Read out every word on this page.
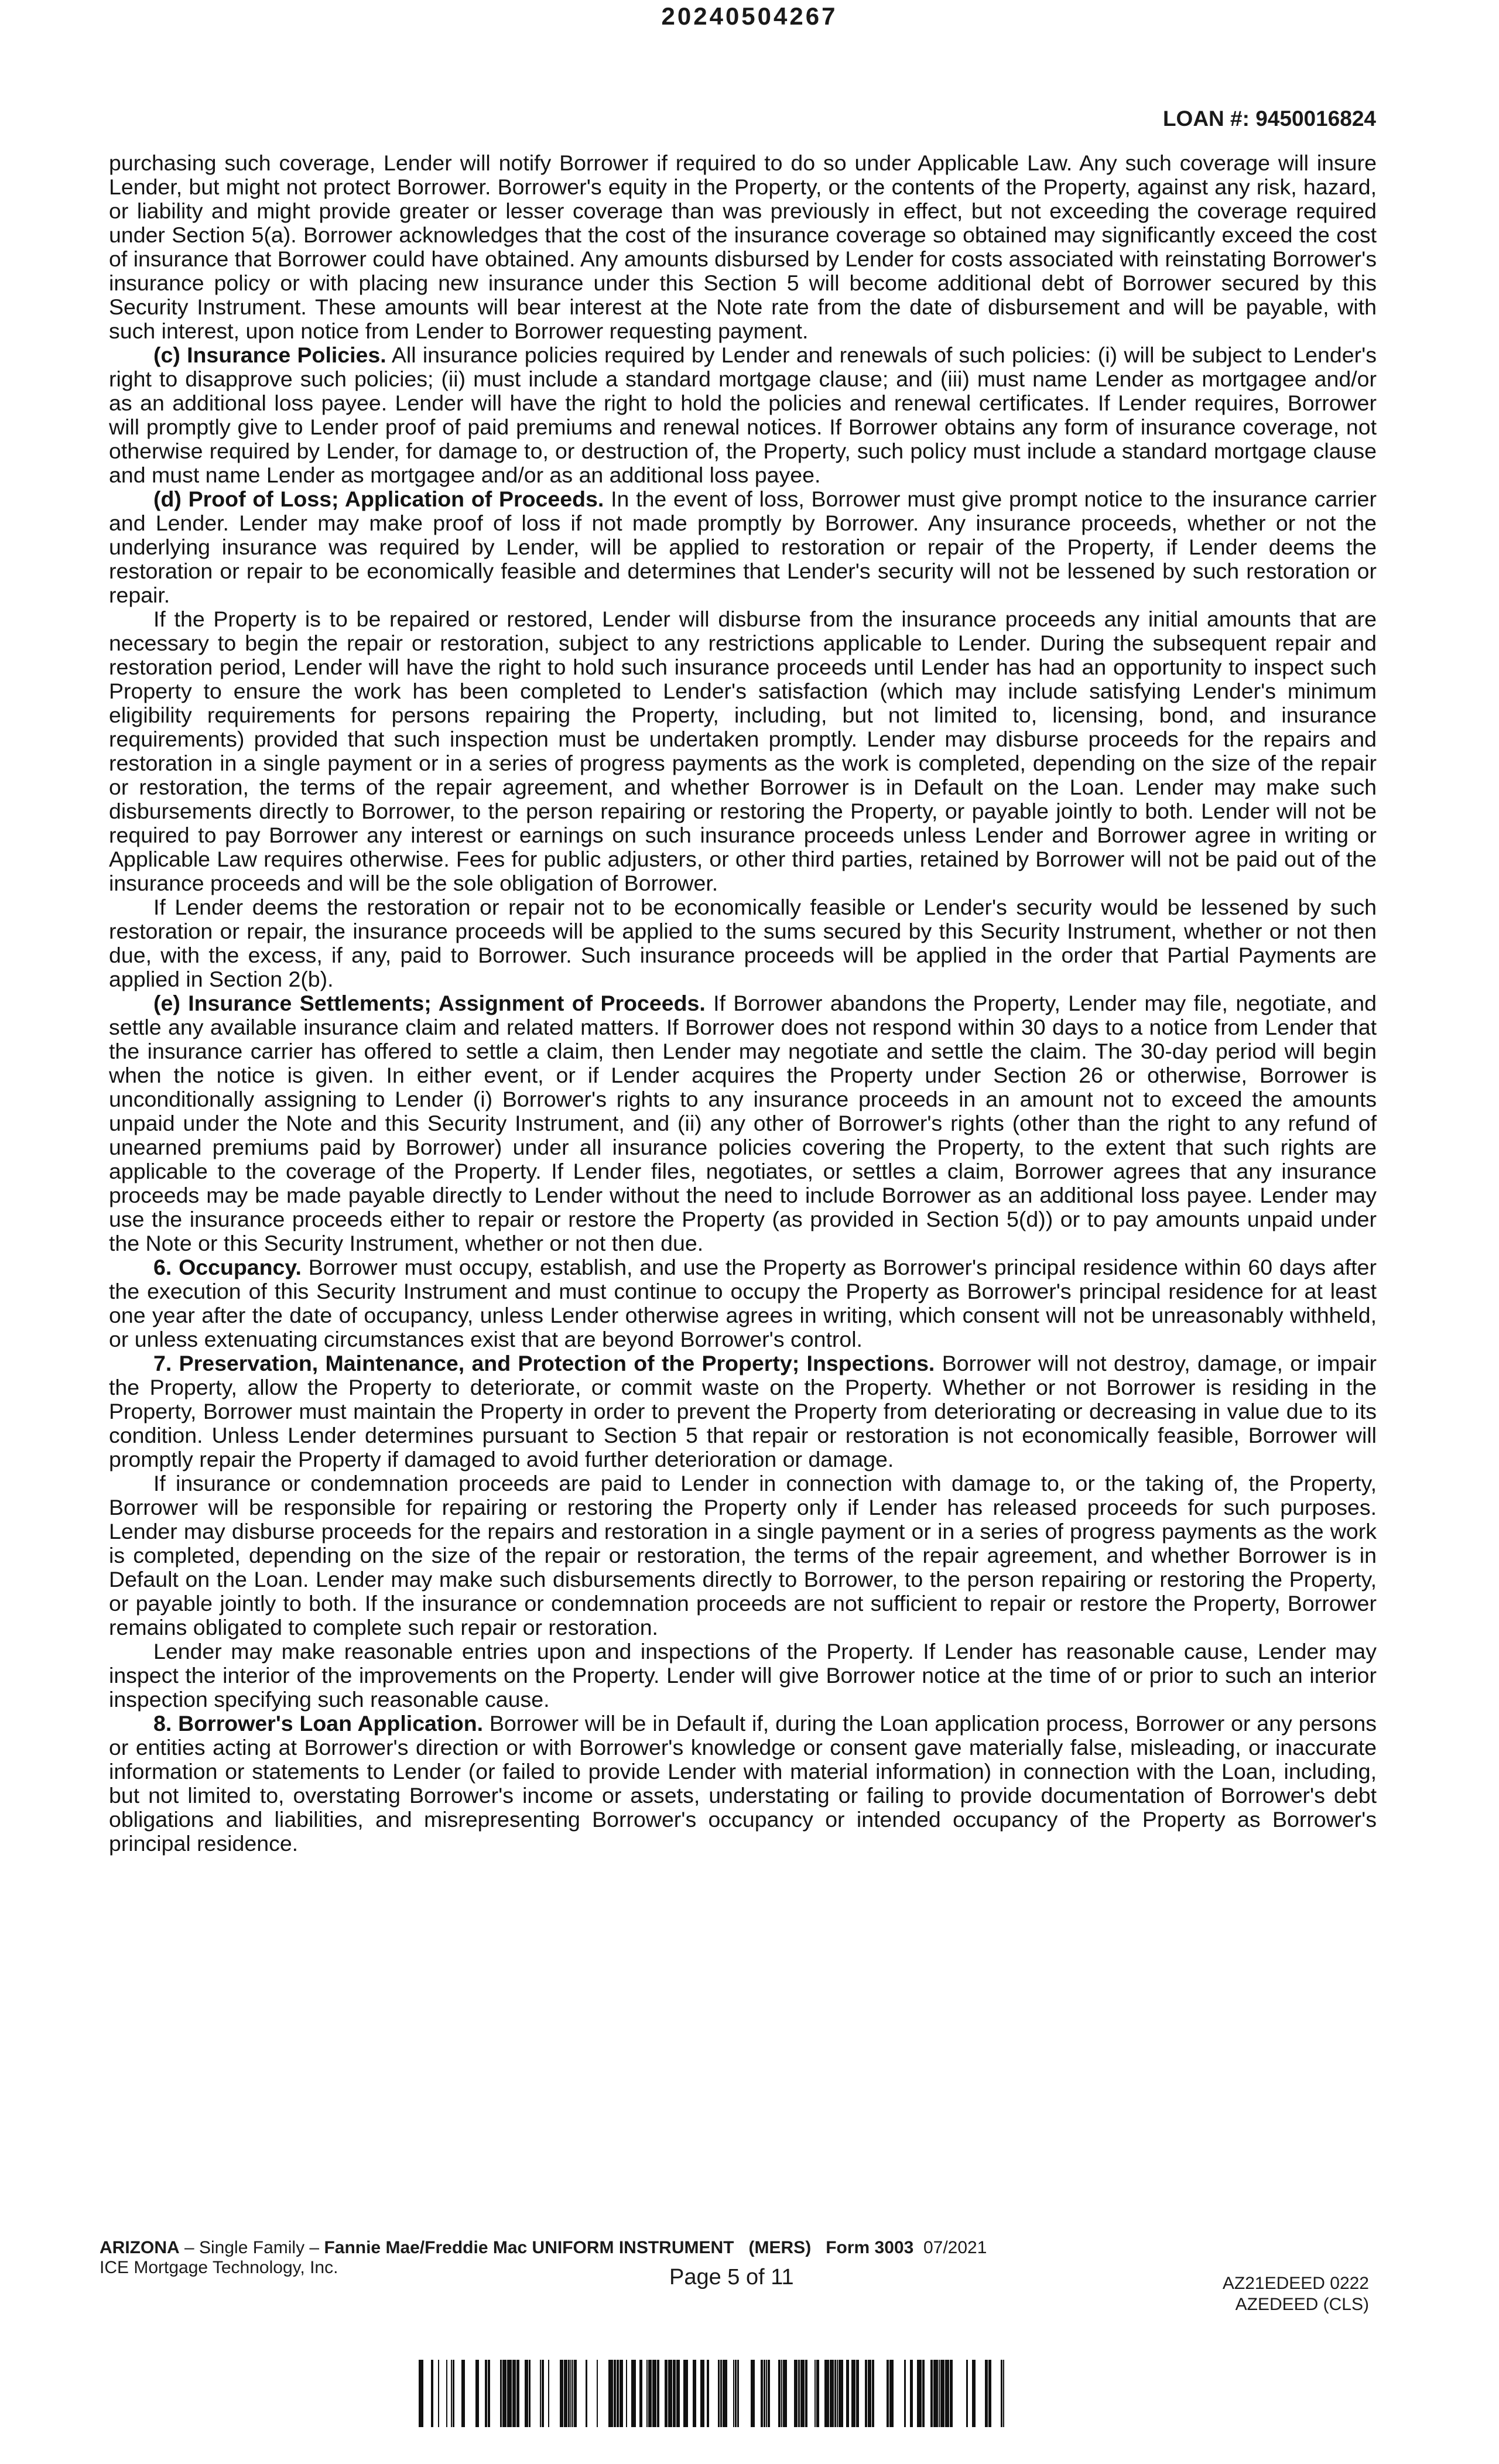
20240504267
LOAN #: 9450016824

purchasing such coverage, Lender will notify Borrower if required to do so under Applicable Law. Any such coverage will insure Lender, but might not protect Borrower. Borrower's equity in the Property, or the contents of the Property, against any risk, hazard, or liability and might provide greater or lesser coverage than was previously in effect, but not exceeding the coverage required under Section 5(a). Borrower acknowledges that the cost of the insurance coverage so obtained may significantly exceed the cost of insurance that Borrower could have obtained. Any amounts disbursed by Lender for costs associated with reinstating Borrower's insurance policy or with placing new insurance under this Section 5 will become additional debt of Borrower secured by this Security Instrument. These amounts will bear interest at the Note rate from the date of disbursement and will be payable, with such interest, upon notice from Lender to Borrower requesting payment.

(c) Insurance Policies. All insurance policies required by Lender and renewals of such policies: (i) will be subject to Lender's right to disapprove such policies; (ii) must include a standard mortgage clause; and (iii) must name Lender as mortgagee and/or as an additional loss payee. Lender will have the right to hold the policies and renewal certificates. If Lender requires, Borrower will promptly give to Lender proof of paid premiums and renewal notices. If Borrower obtains any form of insurance coverage, not otherwise required by Lender, for damage to, or destruction of, the Property, such policy must include a standard mortgage clause and must name Lender as mortgagee and/or as an additional loss payee.

(d) Proof of Loss; Application of Proceeds. In the event of loss, Borrower must give prompt notice to the insurance carrier and Lender. Lender may make proof of loss if not made promptly by Borrower. Any insurance proceeds, whether or not the underlying insurance was required by Lender, will be applied to restoration or repair of the Property, if Lender deems the restoration or repair to be economically feasible and determines that Lender's security will not be lessened by such restoration or repair.

If the Property is to be repaired or restored, Lender will disburse from the insurance proceeds any initial amounts that are necessary to begin the repair or restoration, subject to any restrictions applicable to Lender. During the subsequent repair and restoration period, Lender will have the right to hold such insurance proceeds until Lender has had an opportunity to inspect such Property to ensure the work has been completed to Lender's satisfaction (which may include satisfying Lender's minimum eligibility requirements for persons repairing the Property, including, but not limited to, licensing, bond, and insurance requirements) provided that such inspection must be undertaken promptly. Lender may disburse proceeds for the repairs and restoration in a single payment or in a series of progress payments as the work is completed, depending on the size of the repair or restoration, the terms of the repair agreement, and whether Borrower is in Default on the Loan. Lender may make such disbursements directly to Borrower, to the person repairing or restoring the Property, or payable jointly to both. Lender will not be required to pay Borrower any interest or earnings on such insurance proceeds unless Lender and Borrower agree in writing or Applicable Law requires otherwise. Fees for public adjusters, or other third parties, retained by Borrower will not be paid out of the insurance proceeds and will be the sole obligation of Borrower.

If Lender deems the restoration or repair not to be economically feasible or Lender's security would be lessened by such restoration or repair, the insurance proceeds will be applied to the sums secured by this Security Instrument, whether or not then due, with the excess, if any, paid to Borrower. Such insurance proceeds will be applied in the order that Partial Payments are applied in Section 2(b).

(e) Insurance Settlements; Assignment of Proceeds. If Borrower abandons the Property, Lender may file, negotiate, and settle any available insurance claim and related matters. If Borrower does not respond within 30 days to a notice from Lender that the insurance carrier has offered to settle a claim, then Lender may negotiate and settle the claim. The 30-day period will begin when the notice is given. In either event, or if Lender acquires the Property under Section 26 or otherwise, Borrower is unconditionally assigning to Lender (i) Borrower's rights to any insurance proceeds in an amount not to exceed the amounts unpaid under the Note and this Security Instrument, and (ii) any other of Borrower's rights (other than the right to any refund of unearned premiums paid by Borrower) under all insurance policies covering the Property, to the extent that such rights are applicable to the coverage of the Property. If Lender files, negotiates, or settles a claim, Borrower agrees that any insurance proceeds may be made payable directly to Lender without the need to include Borrower as an additional loss payee. Lender may use the insurance proceeds either to repair or restore the Property (as provided in Section 5(d)) or to pay amounts unpaid under the Note or this Security Instrument, whether or not then due.

6. Occupancy. Borrower must occupy, establish, and use the Property as Borrower's principal residence within 60 days after the execution of this Security Instrument and must continue to occupy the Property as Borrower's principal residence for at least one year after the date of occupancy, unless Lender otherwise agrees in writing, which consent will not be unreasonably withheld, or unless extenuating circumstances exist that are beyond Borrower's control.

7. Preservation, Maintenance, and Protection of the Property; Inspections. Borrower will not destroy, damage, or impair the Property, allow the Property to deteriorate, or commit waste on the Property. Whether or not Borrower is residing in the Property, Borrower must maintain the Property in order to prevent the Property from deteriorating or decreasing in value due to its condition. Unless Lender determines pursuant to Section 5 that repair or restoration is not economically feasible, Borrower will promptly repair the Property if damaged to avoid further deterioration or damage.

If insurance or condemnation proceeds are paid to Lender in connection with damage to, or the taking of, the Property, Borrower will be responsible for repairing or restoring the Property only if Lender has released proceeds for such purposes. Lender may disburse proceeds for the repairs and restoration in a single payment or in a series of progress payments as the work is completed, depending on the size of the repair or restoration, the terms of the repair agreement, and whether Borrower is in Default on the Loan. Lender may make such disbursements directly to Borrower, to the person repairing or restoring the Property, or payable jointly to both. If the insurance or condemnation proceeds are not sufficient to repair or restore the Property, Borrower remains obligated to complete such repair or restoration.

Lender may make reasonable entries upon and inspections of the Property. If Lender has reasonable cause, Lender may inspect the interior of the improvements on the Property. Lender will give Borrower notice at the time of or prior to such an interior inspection specifying such reasonable cause.

8. Borrower's Loan Application. Borrower will be in Default if, during the Loan application process, Borrower or any persons or entities acting at Borrower's direction or with Borrower's knowledge or consent gave materially false, misleading, or inaccurate information or statements to Lender (or failed to provide Lender with material information) in connection with the Loan, including, but not limited to, overstating Borrower's income or assets, understating or failing to provide documentation of Borrower's debt obligations and liabilities, and misrepresenting Borrower's occupancy or intended occupancy of the Property as Borrower's principal residence.

ARIZONA – Single Family – Fannie Mae/Freddie Mac UNIFORM INSTRUMENT (MERS) Form 3003 07/2021
ICE Mortgage Technology, Inc.	Page 5 of 11	AZ21EDEED 0222
AZEDEED (CLS)
